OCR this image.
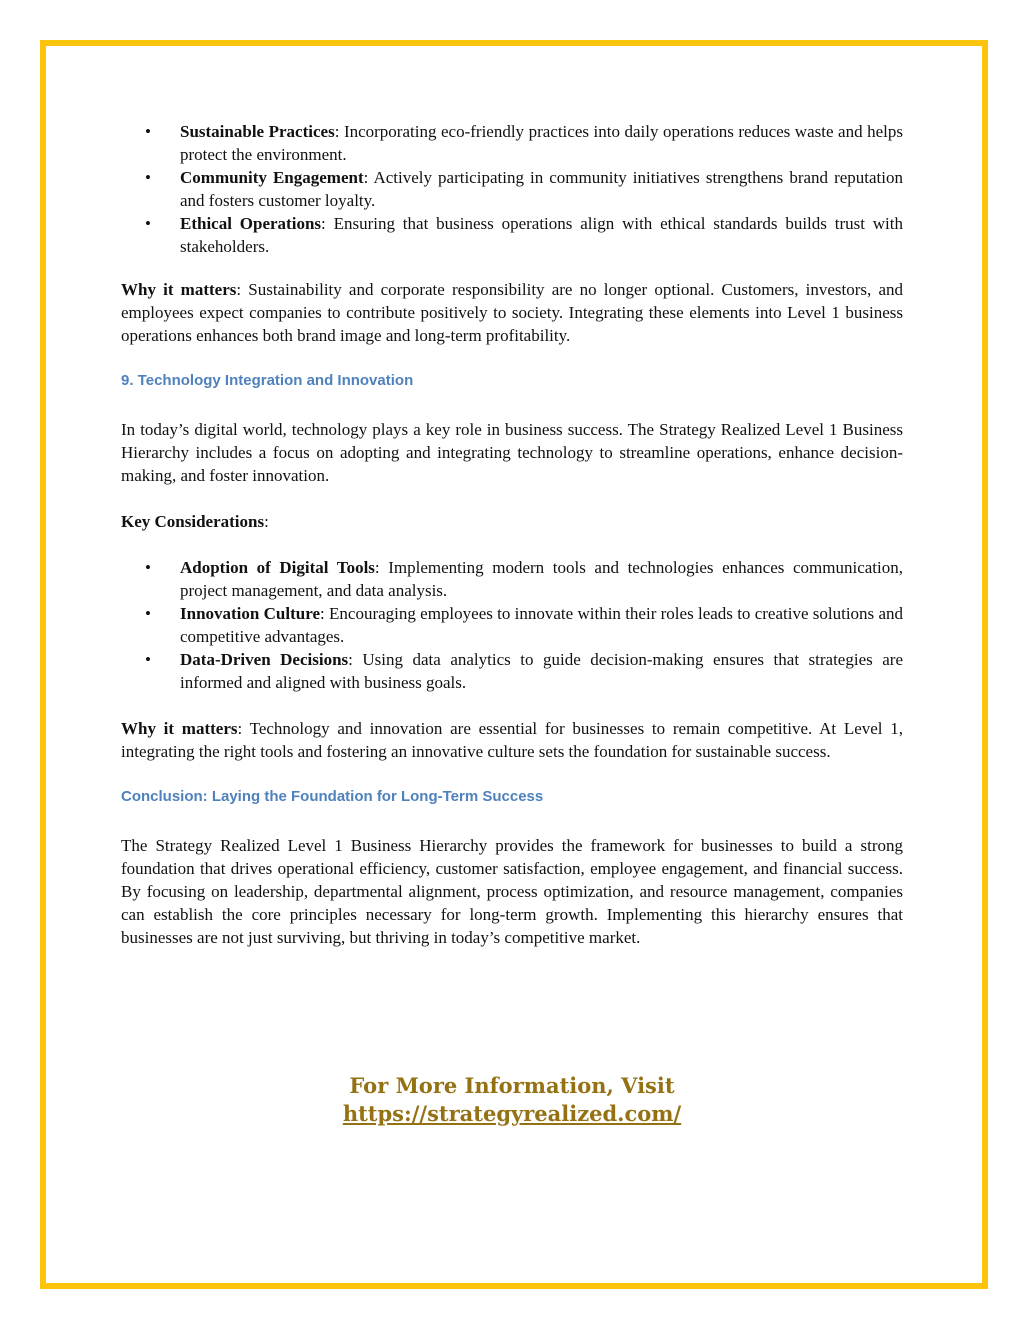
• Sustainable Practices: Incorporating eco-friendly practices into daily operations reduces waste and helps protect the environment.
• Community Engagement: Actively participating in community initiatives strengthens brand reputation and fosters customer loyalty.
• Ethical Operations: Ensuring that business operations align with ethical standards builds trust with stakeholders.

Why it matters: Sustainability and corporate responsibility are no longer optional. Customers, investors, and employees expect companies to contribute positively to society. Integrating these elements into Level 1 business operations enhances both brand image and long-term profitability.

9. Technology Integration and Innovation

In today’s digital world, technology plays a key role in business success. The Strategy Realized Level 1 Business Hierarchy includes a focus on adopting and integrating technology to streamline operations, enhance decision-making, and foster innovation.

Key Considerations:

• Adoption of Digital Tools: Implementing modern tools and technologies enhances communication, project management, and data analysis.
• Innovation Culture: Encouraging employees to innovate within their roles leads to creative solutions and competitive advantages.
• Data-Driven Decisions: Using data analytics to guide decision-making ensures that strategies are informed and aligned with business goals.

Why it matters: Technology and innovation are essential for businesses to remain competitive. At Level 1, integrating the right tools and fostering an innovative culture sets the foundation for sustainable success.

Conclusion: Laying the Foundation for Long-Term Success

The Strategy Realized Level 1 Business Hierarchy provides the framework for businesses to build a strong foundation that drives operational efficiency, customer satisfaction, employee engagement, and financial success. By focusing on leadership, departmental alignment, process optimization, and resource management, companies can establish the core principles necessary for long-term growth. Implementing this hierarchy ensures that businesses are not just surviving, but thriving in today’s competitive market.

For More Information, Visit
https://strategyrealized.com/
